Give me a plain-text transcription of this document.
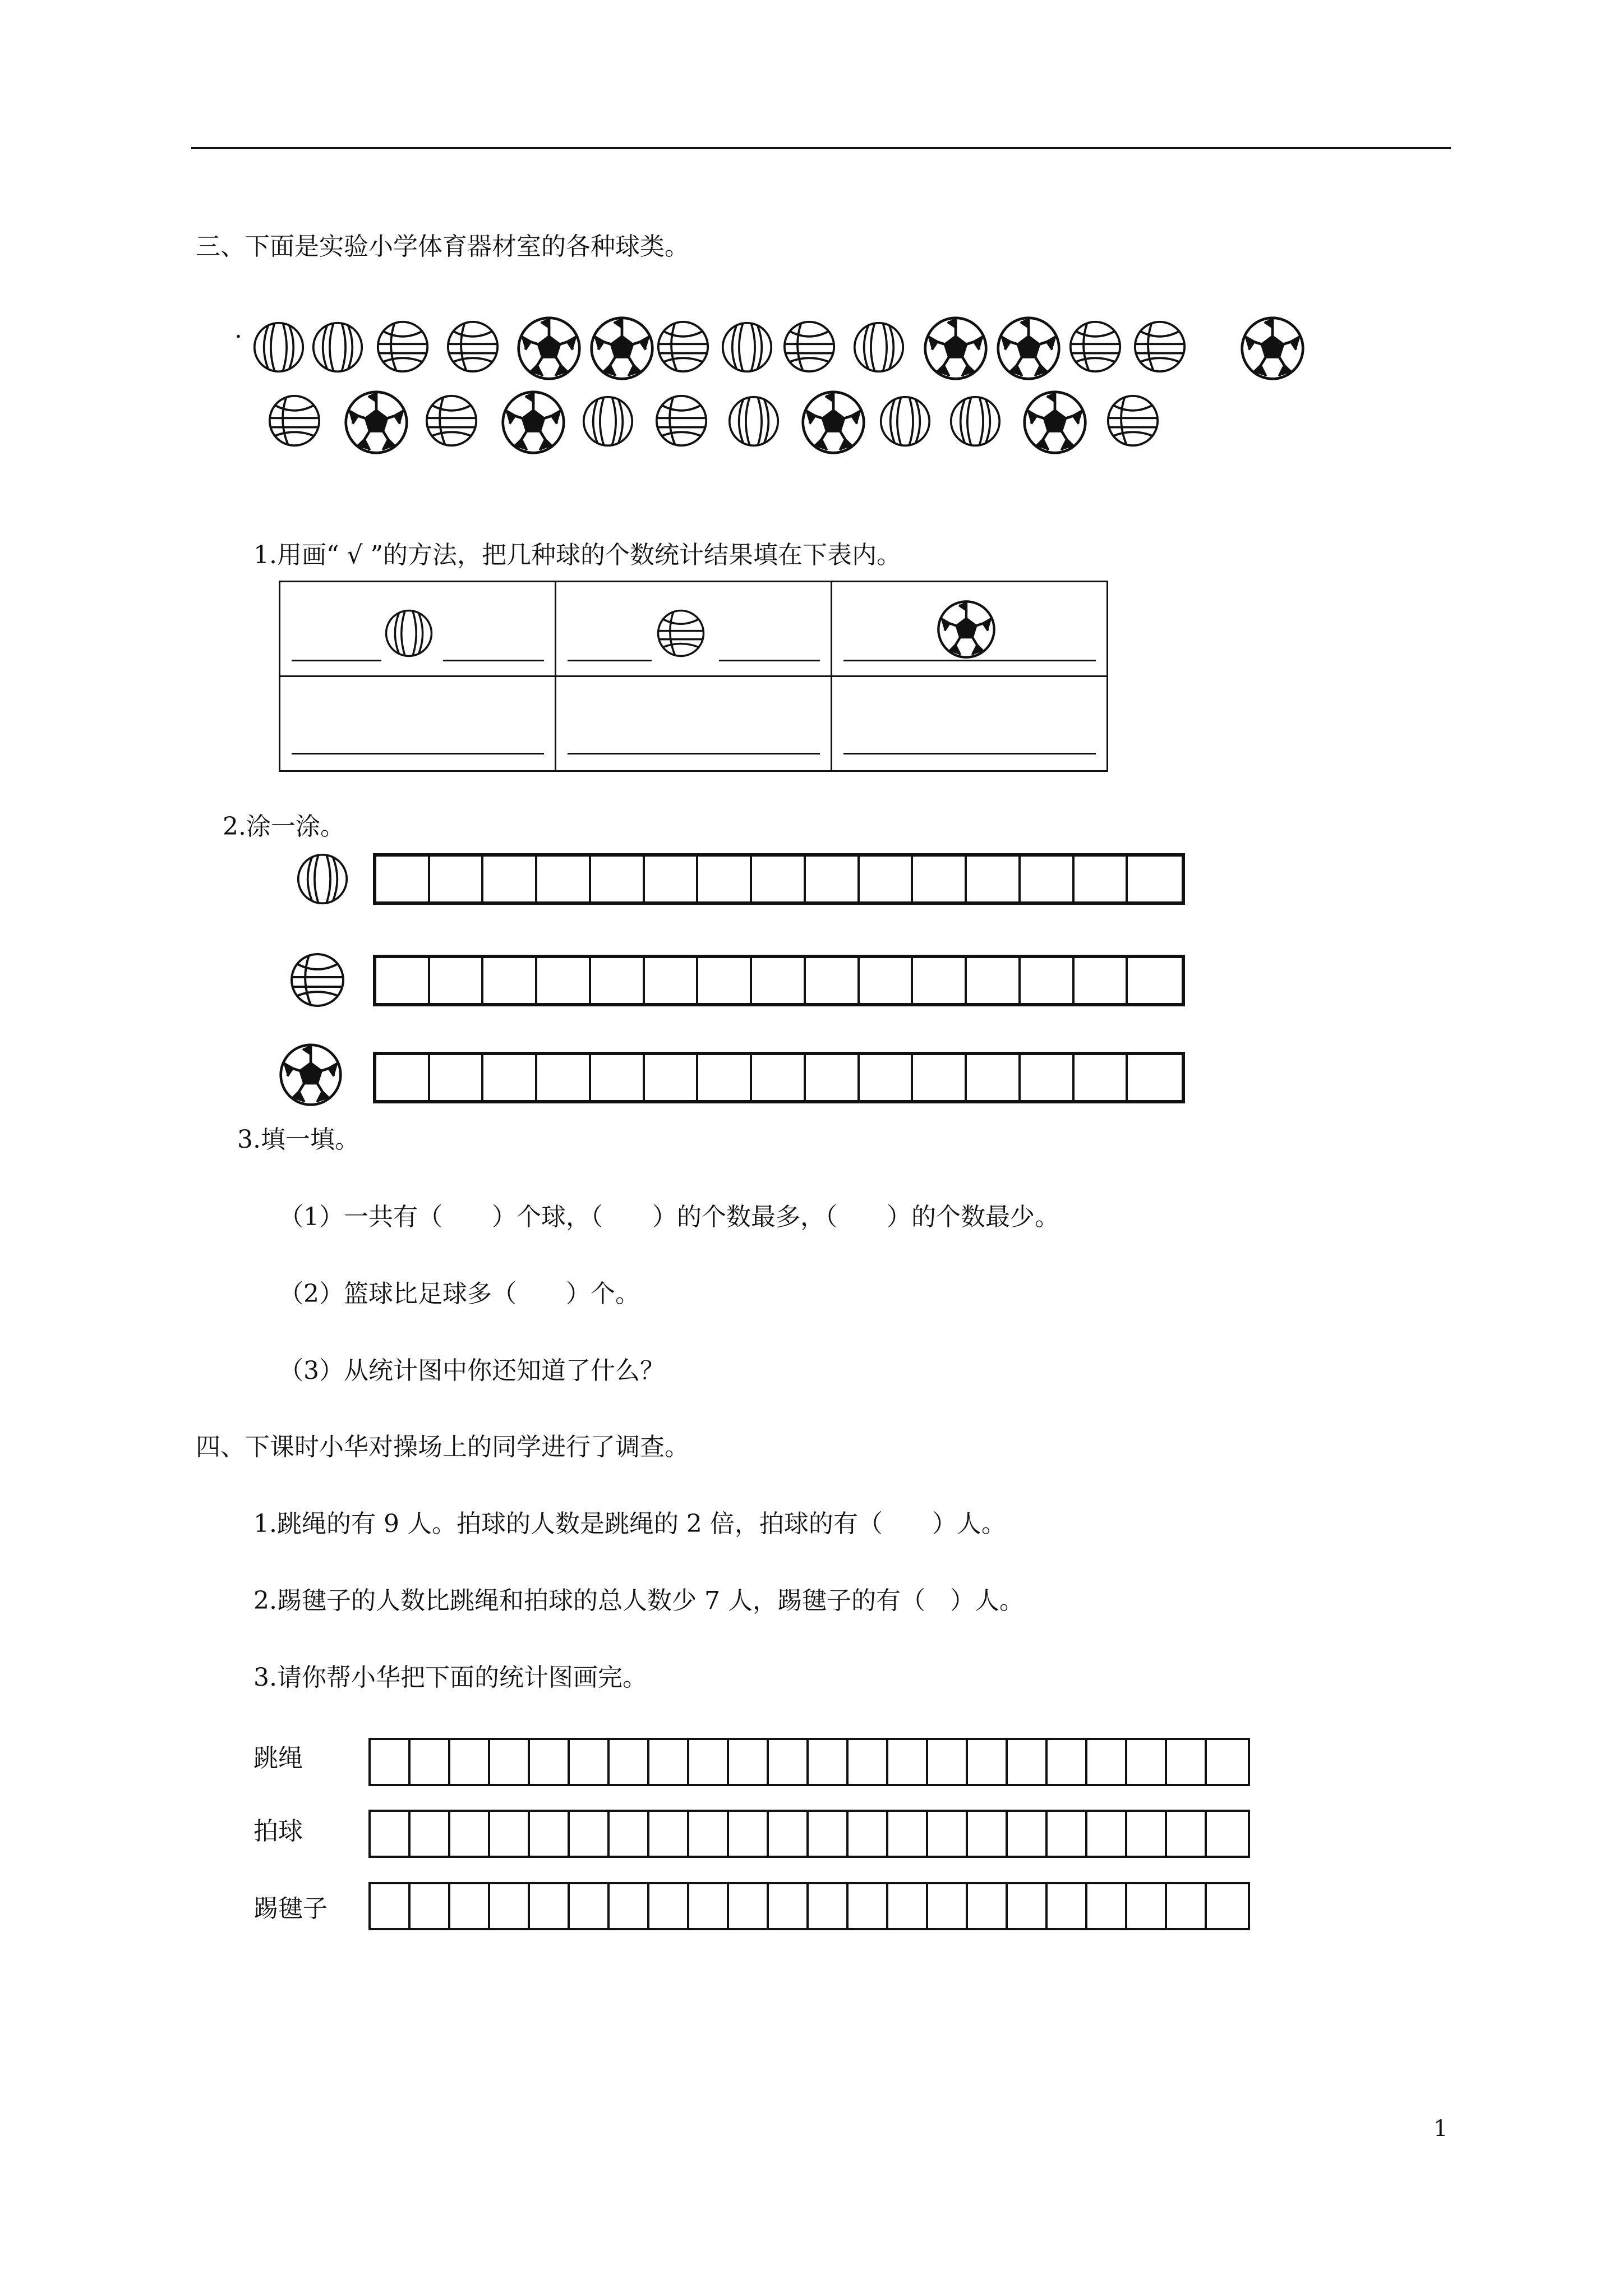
三、下面是实验小学体育器材室的各种球类。
·
1.用画“ √ ”的方法，把几种球的个数统计结果填在下表内。

2.涂一涂。
3.填一填。
（1）一共有（　　）个球，（　　）的个数最多，（　　）的个数最少。
（2）篮球比足球多（　　）个。
（3）从统计图中你还知道了什么？
四、下课时小华对操场上的同学进行了调查。
1.跳绳的有 9 人。拍球的人数是跳绳的 2 倍，拍球的有（　　）人。
2.踢毽子的人数比跳绳和拍球的总人数少 7 人，踢毽子的有（　）人。
3.请你帮小华把下面的统计图画完。
跳绳
拍球
踢毽子
1
